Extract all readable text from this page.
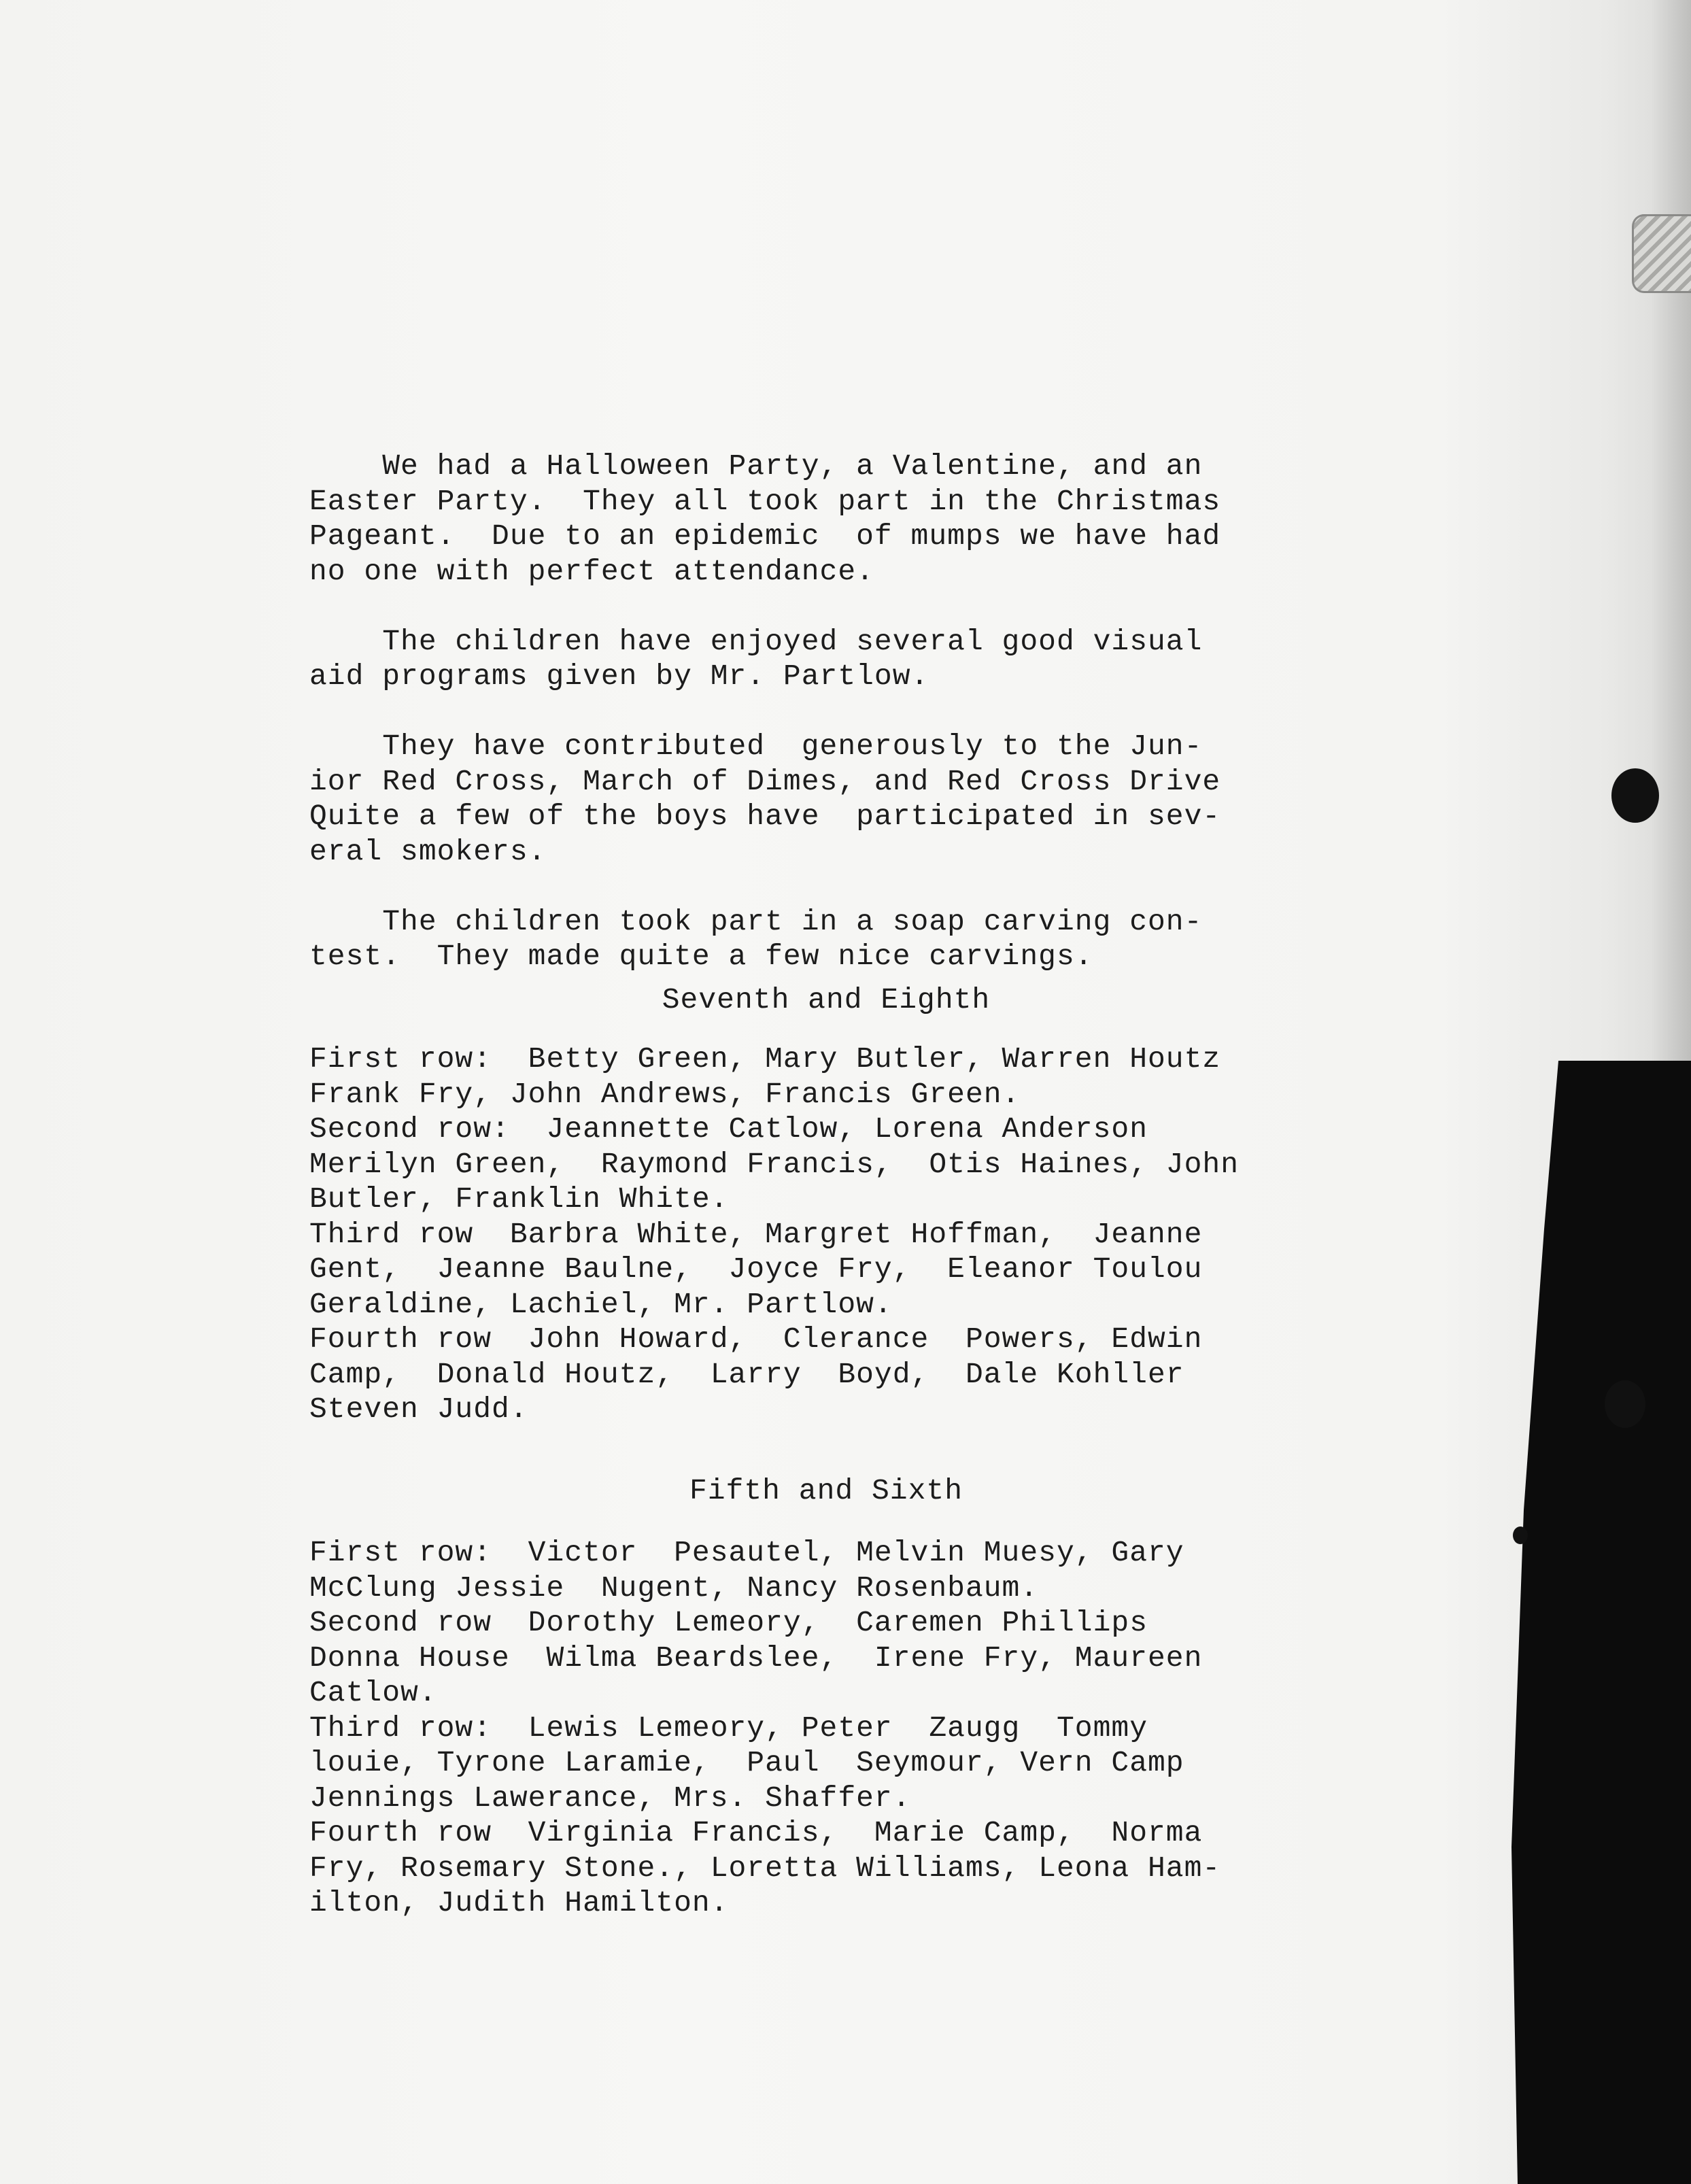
We had a Halloween Party, a Valentine, and an

Easter Party.  They all took part in the Christmas

Pageant.  Due to an epidemic  of mumps we have had

no one with perfect attendance.

The children have enjoyed several good visual

aid programs given by Mr. Partlow.

They have contributed  generously to the Jun-

ior Red Cross, March of Dimes, and Red Cross Drive

Quite a few of the boys have  participated in sev-

eral smokers.

The children took part in a soap carving con-

test.  They made quite a few nice carvings.

Seventh and Eighth

First row:  Betty Green, Mary Butler, Warren Houtz

Frank Fry, John Andrews, Francis Green.

Second row:  Jeannette Catlow, Lorena Anderson

Merilyn Green,  Raymond Francis,  Otis Haines, John

Butler, Franklin White.

Third row  Barbra White, Margret Hoffman,  Jeanne

Gent,  Jeanne Baulne,  Joyce Fry,  Eleanor Toulou

Geraldine, Lachiel, Mr. Partlow.

Fourth row  John Howard,  Clerance  Powers, Edwin

Camp,  Donald Houtz,  Larry  Boyd,  Dale Kohller

Steven Judd.

Fifth and Sixth

First row:  Victor  Pesautel, Melvin Muesy, Gary

McClung Jessie  Nugent, Nancy Rosenbaum.

Second row  Dorothy Lemeory,  Caremen Phillips

Donna House  Wilma Beardslee,  Irene Fry, Maureen

Catlow.

Third row:  Lewis Lemeory, Peter  Zaugg  Tommy

louie, Tyrone Laramie,  Paul  Seymour, Vern Camp

Jennings Lawerance, Mrs. Shaffer.

Fourth row  Virginia Francis,  Marie Camp,  Norma

Fry, Rosemary Stone., Loretta Williams, Leona Ham-

ilton, Judith Hamilton.
